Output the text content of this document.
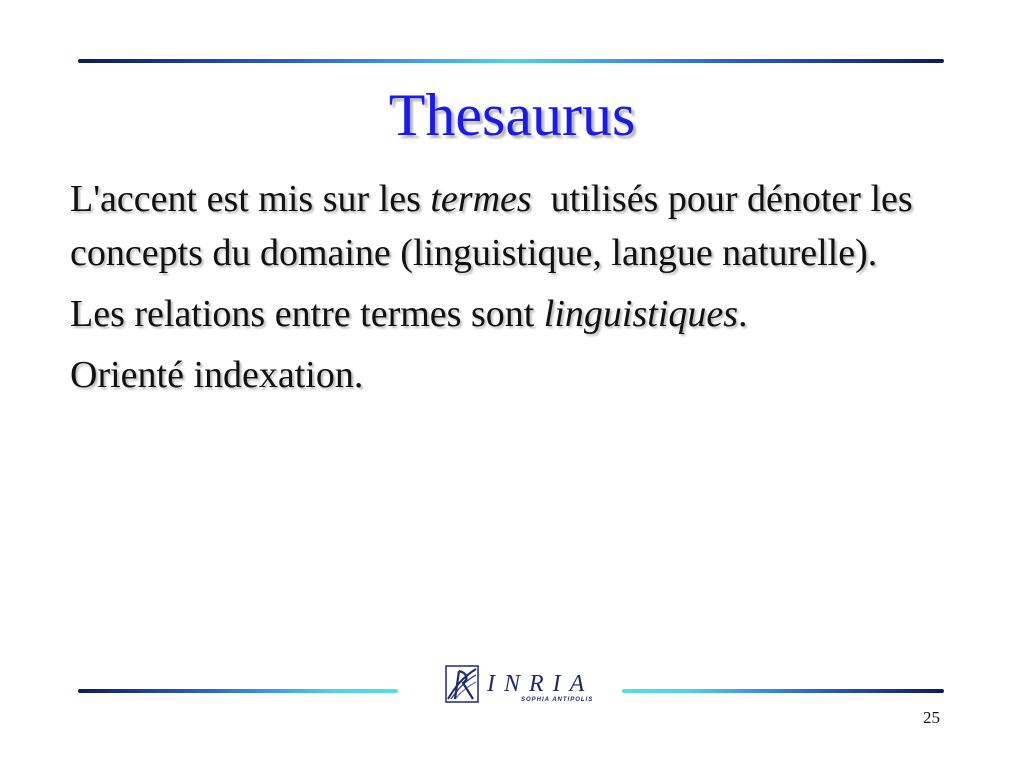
Thesaurus

L'accent est mis sur les termes  utilisés pour dénoter les concepts du domaine (linguistique, langue naturelle).

Les relations entre termes sont linguistiques.

Orienté indexation.

INRIA
SOPHIA ANTIPOLIS
25
